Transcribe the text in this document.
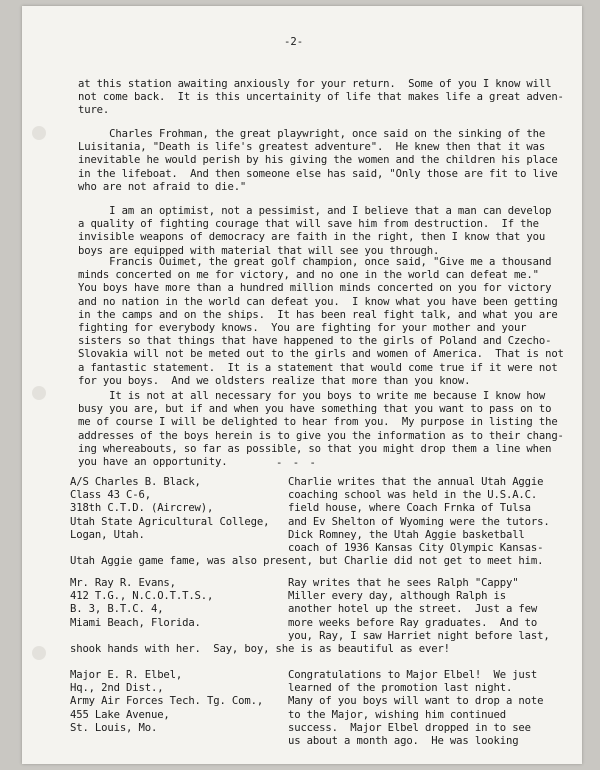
-2-
at this station awaiting anxiously for your return.  Some of you I know will
not come back.  It is this uncertainity of life that makes life a great adven-
ture.
Charles Frohman, the great playwright, once said on the sinking of the
Luisitania, "Death is life's greatest adventure".  He knew then that it was
inevitable he would perish by his giving the women and the children his place
in the lifeboat.  And then someone else has said, "Only those are fit to live
who are not afraid to die."
I am an optimist, not a pessimist, and I believe that a man can develop
a quality of fighting courage that will save him from destruction.  If the
invisible weapons of democracy are faith in the right, then I know that you
boys are equipped with material that will see you through.
Francis Ouimet, the great golf champion, once said, "Give me a thousand
minds concerted on me for victory, and no one in the world can defeat me."
You boys have more than a hundred million minds concerted on you for victory
and no nation in the world can defeat you.  I know what you have been getting
in the camps and on the ships.  It has been real fight talk, and what you are
fighting for everybody knows.  You are fighting for your mother and your
sisters so that things that have happened to the girls of Poland and Czecho-
Slovakia will not be meted out to the girls and women of America.  That is not
a fantastic statement.  It is a statement that would come true if it were not
for you boys.  And we oldsters realize that more than you know.
It is not at all necessary for you boys to write me because I know how
busy you are, but if and when you have something that you want to pass on to
me of course I will be delighted to hear from you.  My purpose in listing the
addresses of the boys herein is to give you the information as to their chang-
ing whereabouts, so far as possible, so that you might drop them a line when
you have an opportunity.	- - -
A/S Charles B. Black,
Class 43 C-6,
318th C.T.D. (Aircrew),
Utah State Agricultural College,
Logan, Utah.
Charlie writes that the annual Utah Aggie
coaching school was held in the U.S.A.C.
field house, where Coach Frnka of Tulsa
and Ev Shelton of Wyoming were the tutors.
Dick Romney, the Utah Aggie basketball
coach of 1936 Kansas City Olympic Kansas-
Utah Aggie game fame, was also present, but Charlie did not get to meet him.
Mr. Ray R. Evans,
412 T.G., N.C.O.T.T.S.,
B. 3, B.T.C. 4,
Miami Beach, Florida.
Ray writes that he sees Ralph "Cappy"
Miller every day, although Ralph is
another hotel up the street.  Just a few
more weeks before Ray graduates.  And to
you, Ray, I saw Harriet night before last,
shook hands with her.  Say, boy, she is as beautiful as ever!
Major E. R. Elbel,
Hq., 2nd Dist.,
Army Air Forces Tech. Tg. Com.,
455 Lake Avenue,
St. Louis, Mo.
Congratulations to Major Elbel!  We just
learned of the promotion last night.
Many of you boys will want to drop a note
to the Major, wishing him continued
success.  Major Elbel dropped in to see
us about a month ago.  He was looking
